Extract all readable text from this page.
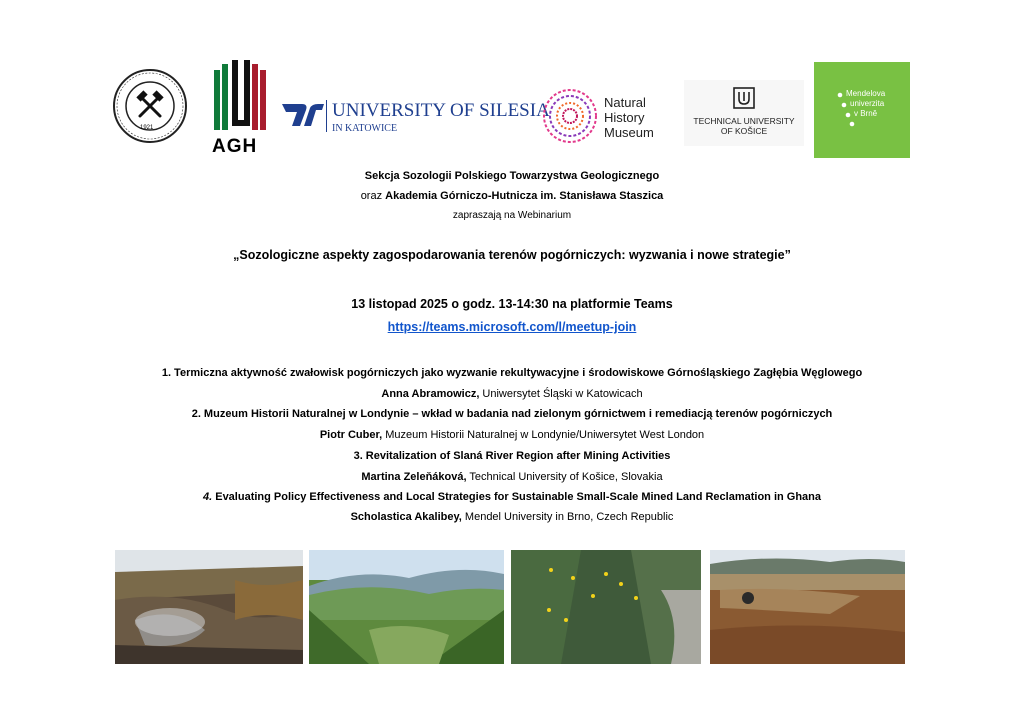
1921
AGH
UNIVERSITY OF SILESIA
IN KATOWICE
Natural
History
Museum
TECHNICAL UNIVERSITY
OF KOŠICE
Mendelova
univerzita
v Brně
Sekcja Sozologii Polskiego Towarzystwa Geologicznego
oraz Akademia Górniczo-Hutnicza im. Stanisława Staszica
zapraszają na Webinarium
„Sozologiczne aspekty zagospodarowania terenów pogórniczych: wyzwania i nowe strategie”
13 listopad 2025 o godz. 13-14:30 na platformie Teams
https://teams.microsoft.com/l/meetup-join
1. Termiczna aktywność zwałowisk pogórniczych jako wyzwanie rekultywacyjne i środowiskowe Górnośląskiego Zagłębia Węglowego
Anna Abramowicz, Uniwersytet Śląski w Katowicach
2. Muzeum Historii Naturalnej w Londynie – wkład w badania nad zielonym górnictwem i remediacją terenów pogórniczych
Piotr Cuber, Muzeum Historii Naturalnej w Londynie/Uniwersytet West London
3. Revitalization of Slaná River Region after Mining Activities
Martina Zeleňáková, Technical University of Košice, Slovakia
4. Evaluating Policy Effectiveness and Local Strategies for Sustainable Small-Scale Mined Land Reclamation in Ghana
Scholastica Akalibey, Mendel University in Brno, Czech Republic
